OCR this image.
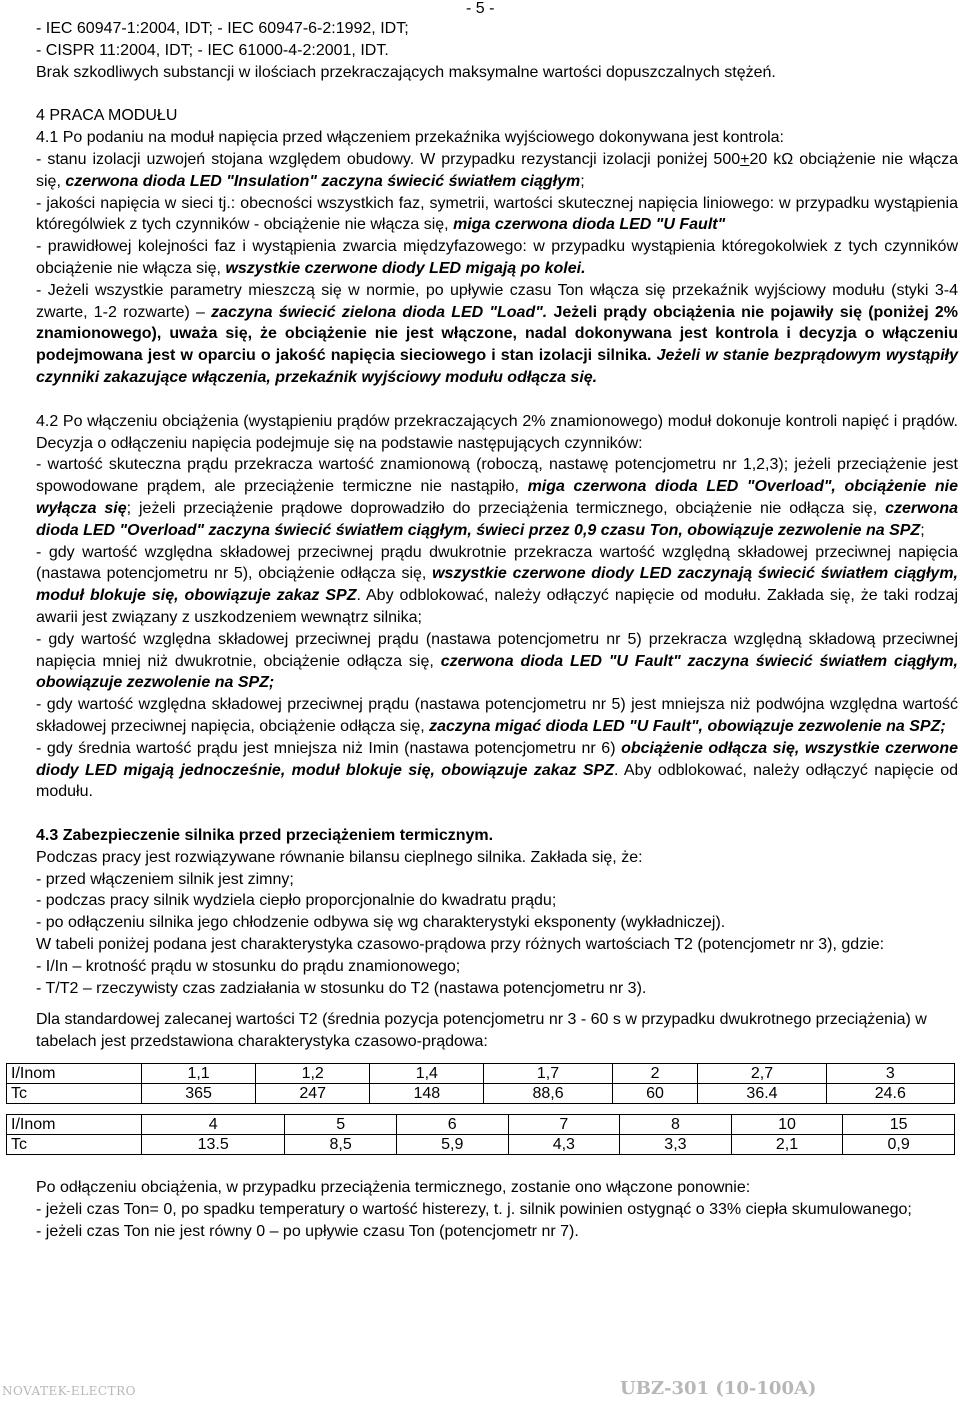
- 5 -

- IEC 60947-1:2004, IDT; - IEC 60947-6-2:1992, IDT;

- CISPR 11:2004, IDT; - IEC 61000-4-2:2001, IDT.

Brak szkodliwych substancji w ilościach przekraczających maksymalne wartości dopuszczalnych stężeń.

4 PRACA MODUŁU

4.1 Po podaniu na moduł napięcia przed włączeniem przekaźnika wyjściowego dokonywana jest kontrola:

- stanu izolacji uzwojeń stojana względem obudowy. W przypadku rezystancji izolacji poniżej 500+20 kΩ obciążenie nie włącza się, czerwona dioda LED "Insulation" zaczyna świecić światłem ciągłym;

- jakości napięcia w sieci tj.: obecności wszystkich faz, symetrii, wartości skutecznej napięcia liniowego: w przypadku wystąpienia którególwiek z tych czynników - obciążenie nie włącza się, miga czerwona dioda LED "U Fault"

- prawidłowej kolejności faz i wystąpienia zwarcia międzyfazowego: w przypadku wystąpienia któregokolwiek z tych czynników obciążenie nie włącza się, wszystkie czerwone diody LED migają po kolei.

- Jeżeli wszystkie parametry mieszczą się w normie, po upływie czasu Ton włącza się przekaźnik wyjściowy modułu (styki 3-4 zwarte, 1-2 rozwarte) – zaczyna świecić zielona dioda LED "Load". Jeżeli prądy obciążenia nie pojawiły się (poniżej 2% znamionowego), uważa się, że obciążenie nie jest włączone, nadal dokonywana jest kontrola i decyzja o włączeniu podejmowana jest w oparciu o jakość napięcia sieciowego i stan izolacji silnika. Jeżeli w stanie bezprądowym wystąpiły czynniki zakazujące włączenia, przekaźnik wyjściowy modułu odłącza się.

4.2 Po włączeniu obciążenia (wystąpieniu prądów przekraczających 2% znamionowego) moduł dokonuje kontroli napięć i prądów. Decyzja o odłączeniu napięcia podejmuje się na podstawie następujących czynników:

- wartość skuteczna prądu przekracza wartość znamionową (roboczą, nastawę potencjometru nr 1,2,3); jeżeli przeciążenie jest spowodowane prądem, ale przeciążenie termiczne nie nastąpiło, miga czerwona dioda LED "Overload", obciążenie nie wyłącza się; jeżeli przeciążenie prądowe doprowadziło do przeciążenia termicznego, obciążenie nie odłącza się, czerwona dioda LED "Overload" zaczyna świecić światłem ciągłym, świeci przez 0,9 czasu Ton, obowiązuje zezwolenie na SPZ;

- gdy wartość względna składowej przeciwnej prądu dwukrotnie przekracza wartość względną składowej przeciwnej napięcia (nastawa potencjometru nr 5), obciążenie odłącza się, wszystkie czerwone diody LED zaczynają świecić światłem ciągłym, moduł blokuje się, obowiązuje zakaz SPZ. Aby odblokować, należy odłączyć napięcie od modułu. Zakłada się, że taki rodzaj awarii jest związany z uszkodzeniem wewnątrz silnika;

- gdy wartość względna składowej przeciwnej prądu (nastawa potencjometru nr 5) przekracza względną składową przeciwnej napięcia mniej niż dwukrotnie, obciążenie odłącza się, czerwona dioda LED "U Fault" zaczyna świecić światłem ciągłym, obowiązuje zezwolenie na SPZ;

- gdy wartość względna składowej przeciwnej prądu (nastawa potencjometru nr 5) jest mniejsza niż podwójna względna wartość składowej przeciwnej napięcia, obciążenie odłącza się, zaczyna migać dioda LED "U Fault", obowiązuje zezwolenie na SPZ;

- gdy średnia wartość prądu jest mniejsza niż Imin (nastawa potencjometru nr 6) obciążenie odłącza się, wszystkie czerwone diody LED migają jednocześnie, moduł blokuje się, obowiązuje zakaz SPZ. Aby odblokować, należy odłączyć napięcie od modułu.

4.3 Zabezpieczenie silnika przed przeciążeniem termicznym.

Podczas pracy jest rozwiązywane równanie bilansu cieplnego silnika. Zakłada się, że:

- przed włączeniem silnik jest zimny;

- podczas pracy silnik wydziela ciepło proporcjonalnie do kwadratu prądu;

- po odłączeniu silnika jego chłodzenie odbywa się wg charakterystyki eksponenty (wykładniczej).

W tabeli poniżej podana jest charakterystyka czasowo-prądowa przy różnych wartościach T2 (potencjometr nr 3), gdzie:

- I/In – krotność prądu w stosunku do prądu znamionowego;

- T/T2 – rzeczywisty czas zadziałania w stosunku do T2 (nastawa potencjometru nr 3).

Dla standardowej zalecanej wartości T2 (średnia pozycja potencjometru nr 3 - 60 s w przypadku dwukrotnego przeciążenia) w tabelach jest przedstawiona charakterystyka czasowo-prądowa:

I/Inom	1,1	1,2	1,4	1,7	2	2,7	3
Tc	365	247	148	88,6	60	36.4	24.6
I/Inom	4	5	6	7	8	10	15
Tc	13.5	8,5	5,9	4,3	3,3	2,1	0,9

Po odłączeniu obciążenia, w przypadku przeciążenia termicznego, zostanie ono włączone ponownie:

- jeżeli czas Ton= 0, po spadku temperatury o wartość histerezy, t. j. silnik powinien ostygnąć o 33% ciepła skumulowanego;

- jeżeli czas Ton nie jest równy 0 – po upływie czasu Ton (potencjometr nr 7).

NOVATEK-ELECTRO	UBZ-301 (10-100A)
